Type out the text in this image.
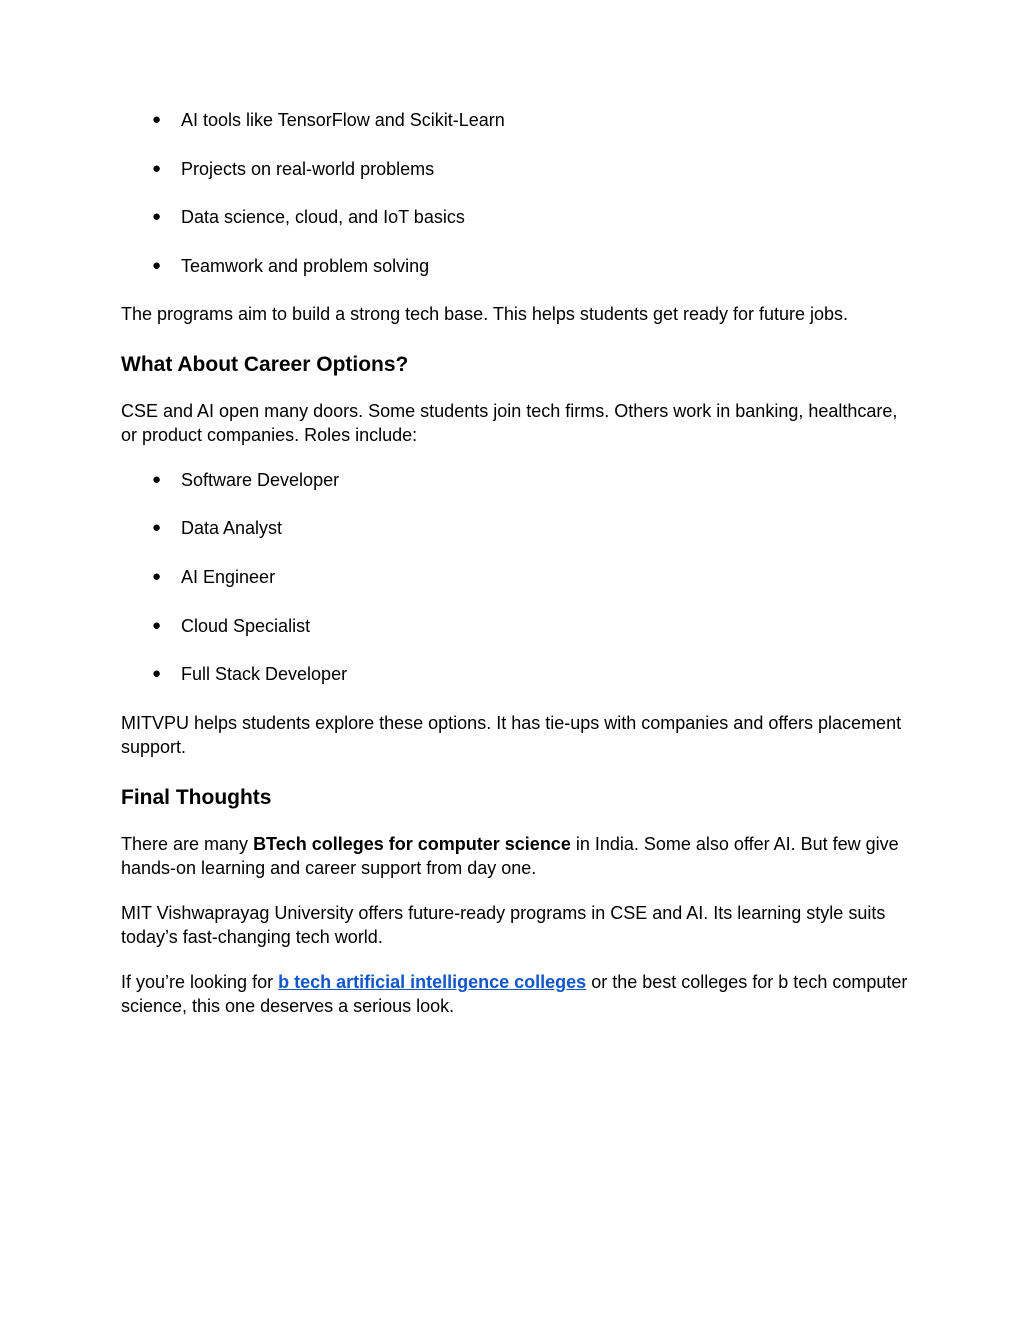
● AI tools like TensorFlow and Scikit-Learn
● Projects on real-world problems
● Data science, cloud, and IoT basics
● Teamwork and problem solving

The programs aim to build a strong tech base. This helps students get ready for future jobs.

What About Career Options?

CSE and AI open many doors. Some students join tech firms. Others work in banking, healthcare, or product companies. Roles include:

● Software Developer
● Data Analyst
● AI Engineer
● Cloud Specialist
● Full Stack Developer

MITVPU helps students explore these options. It has tie-ups with companies and offers placement support.

Final Thoughts

There are many BTech colleges for computer science in India. Some also offer AI. But few give hands-on learning and career support from day one.

MIT Vishwaprayag University offers future-ready programs in CSE and AI. Its learning style suits today’s fast-changing tech world.

If you’re looking for b tech artificial intelligence colleges or the best colleges for b tech computer science, this one deserves a serious look.
